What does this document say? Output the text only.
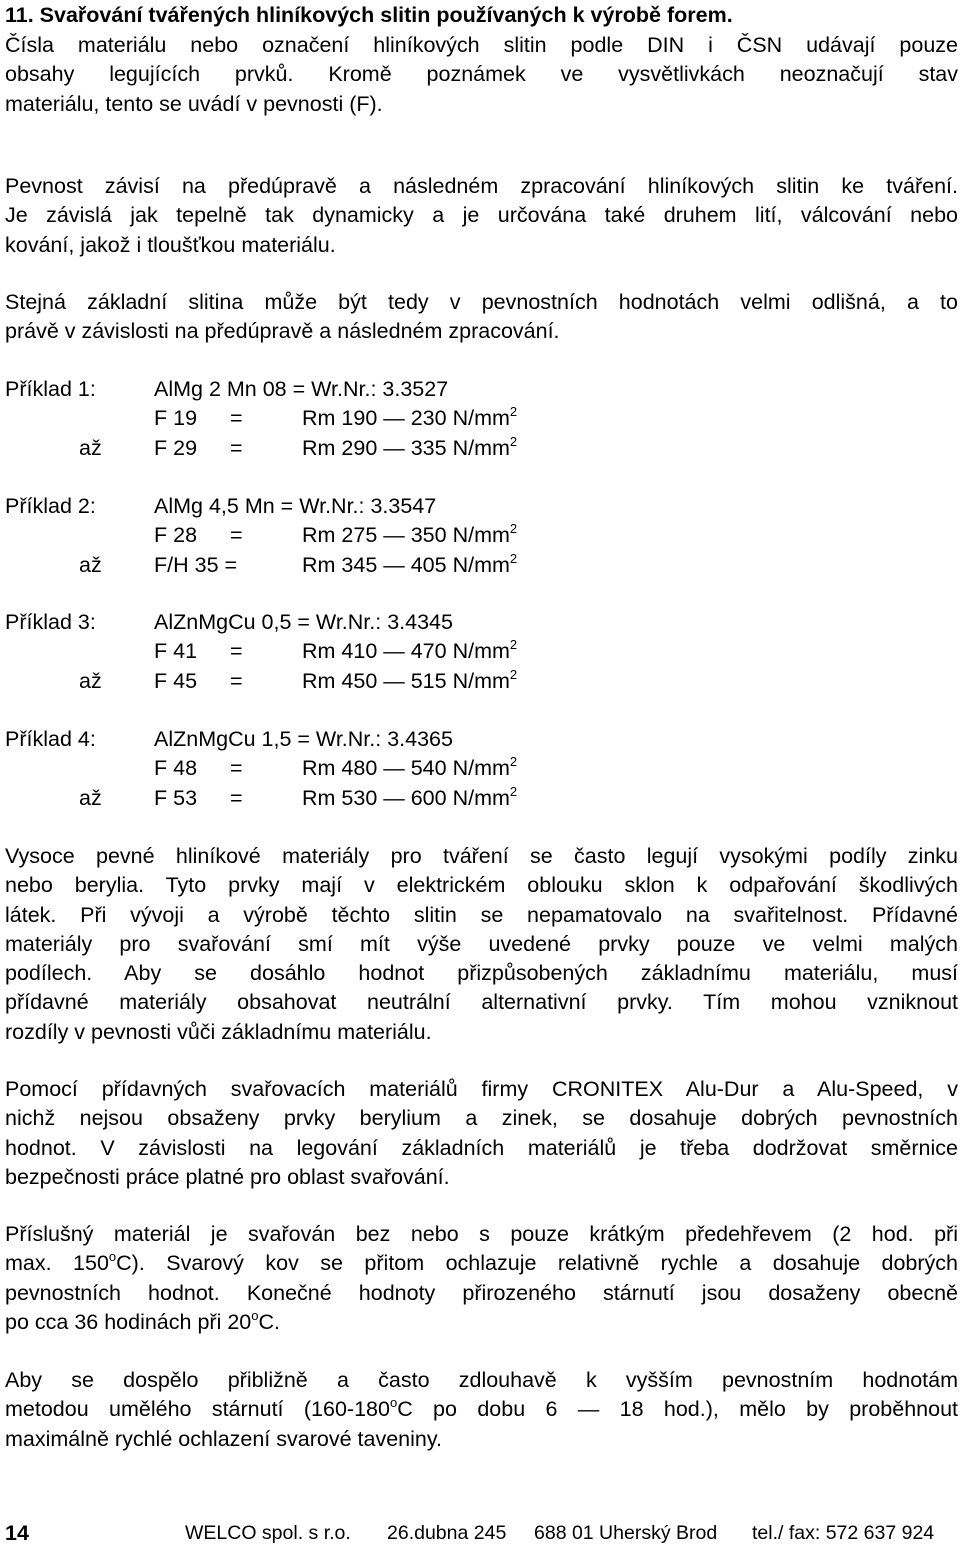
11. Svařování tvářených hliníkových slitin používaných k výrobě forem.

Čísla materiálu nebo označení hliníkových slitin podle DIN i ČSN udávají pouze
obsahy legujících prvků. Kromě poznámek ve vysvětlivkách neoznačují stav
materiálu, tento se uvádí v pevnosti (F).

Pevnost závisí na předúpravě a následném zpracování hliníkových slitin ke tváření.
Je závislá jak tepelně tak dynamicky a je určována také druhem lití, válcování nebo
kování, jakož i tloušťkou materiálu.

Stejná základní slitina může být tedy v pevnostních hodnotách velmi odlišná, a to
právě v závislosti na předúpravě a následném zpracování.

Příklad 1:	AlMg 2 Mn 08 = Wr.Nr.: 3.3527
F 19 =	Rm 190 — 230 $N/mm^2$
až F 29 =	Rm 290 — 335 $N/mm^2$
Příklad 2:	AlMg 4,5 Mn = Wr.Nr.: 3.3547
F 28 =	Rm 275 — 350 $N/mm^2$
až F/H 35 =	Rm 345 — 405 $N/mm^2$
Příklad 3:	AlZnMgCu 0,5 = Wr.Nr.: 3.4345
F 41 =	Rm 410 — 470 $N/mm^2$
až F 45 =	Rm 450 — 515 $N/mm^2$
Příklad 4:	AlZnMgCu 1,5 = Wr.Nr.: 3.4365
F 48 =	Rm 480 — 540 $N/mm^2$
až F 53 =	Rm 530 — 600 $N/mm^2$

Vysoce pevné hliníkové materiály pro tváření se často legují vysokými podíly zinku
nebo berylia. Tyto prvky mají v elektrickém oblouku sklon k odpařování škodlivých
látek. Při vývoji a výrobě těchto slitin se nepamatovalo na svařitelnost. Přídavné
materiály pro svařování smí mít výše uvedené prvky pouze ve velmi malých
podílech. Aby se dosáhlo hodnot přizpůsobených základnímu materiálu, musí
přídavné materiály obsahovat neutrální alternativní prvky. Tím mohou vzniknout
rozdíly v pevnosti vůči základnímu materiálu.

Pomocí přídavných svařovacích materiálů firmy CRONITEX Alu-Dur a Alu-Speed, v
nichž nejsou obsaženy prvky berylium a zinek, se dosahuje dobrých pevnostních
hodnot. V závislosti na legování základních materiálů je třeba dodržovat směrnice
bezpečnosti práce platné pro oblast svařování.

Příslušný materiál je svařován bez nebo s pouze krátkým předehřevem (2 hod. při
max. 150$^o$C). Svarový kov se přitom ochlazuje relativně rychle a dosahuje dobrých
pevnostních hodnot. Konečné hodnoty přirozeného stárnutí jsou dosaženy obecně
po cca 36 hodinách při 20$^o$C.

Aby se dospělo přibližně a často zdlouhavě k vyšším pevnostním hodnotám
metodou umělého stárnutí (160-180$^o$C po dobu 6 — 18 hod.), mělo by proběhnout
maximálně rychlé ochlazení svarové taveniny.

14	WELCO spol. s r.o. 26.dubna 245 688 01 Uherský Brod tel./ fax: 572 637 924
